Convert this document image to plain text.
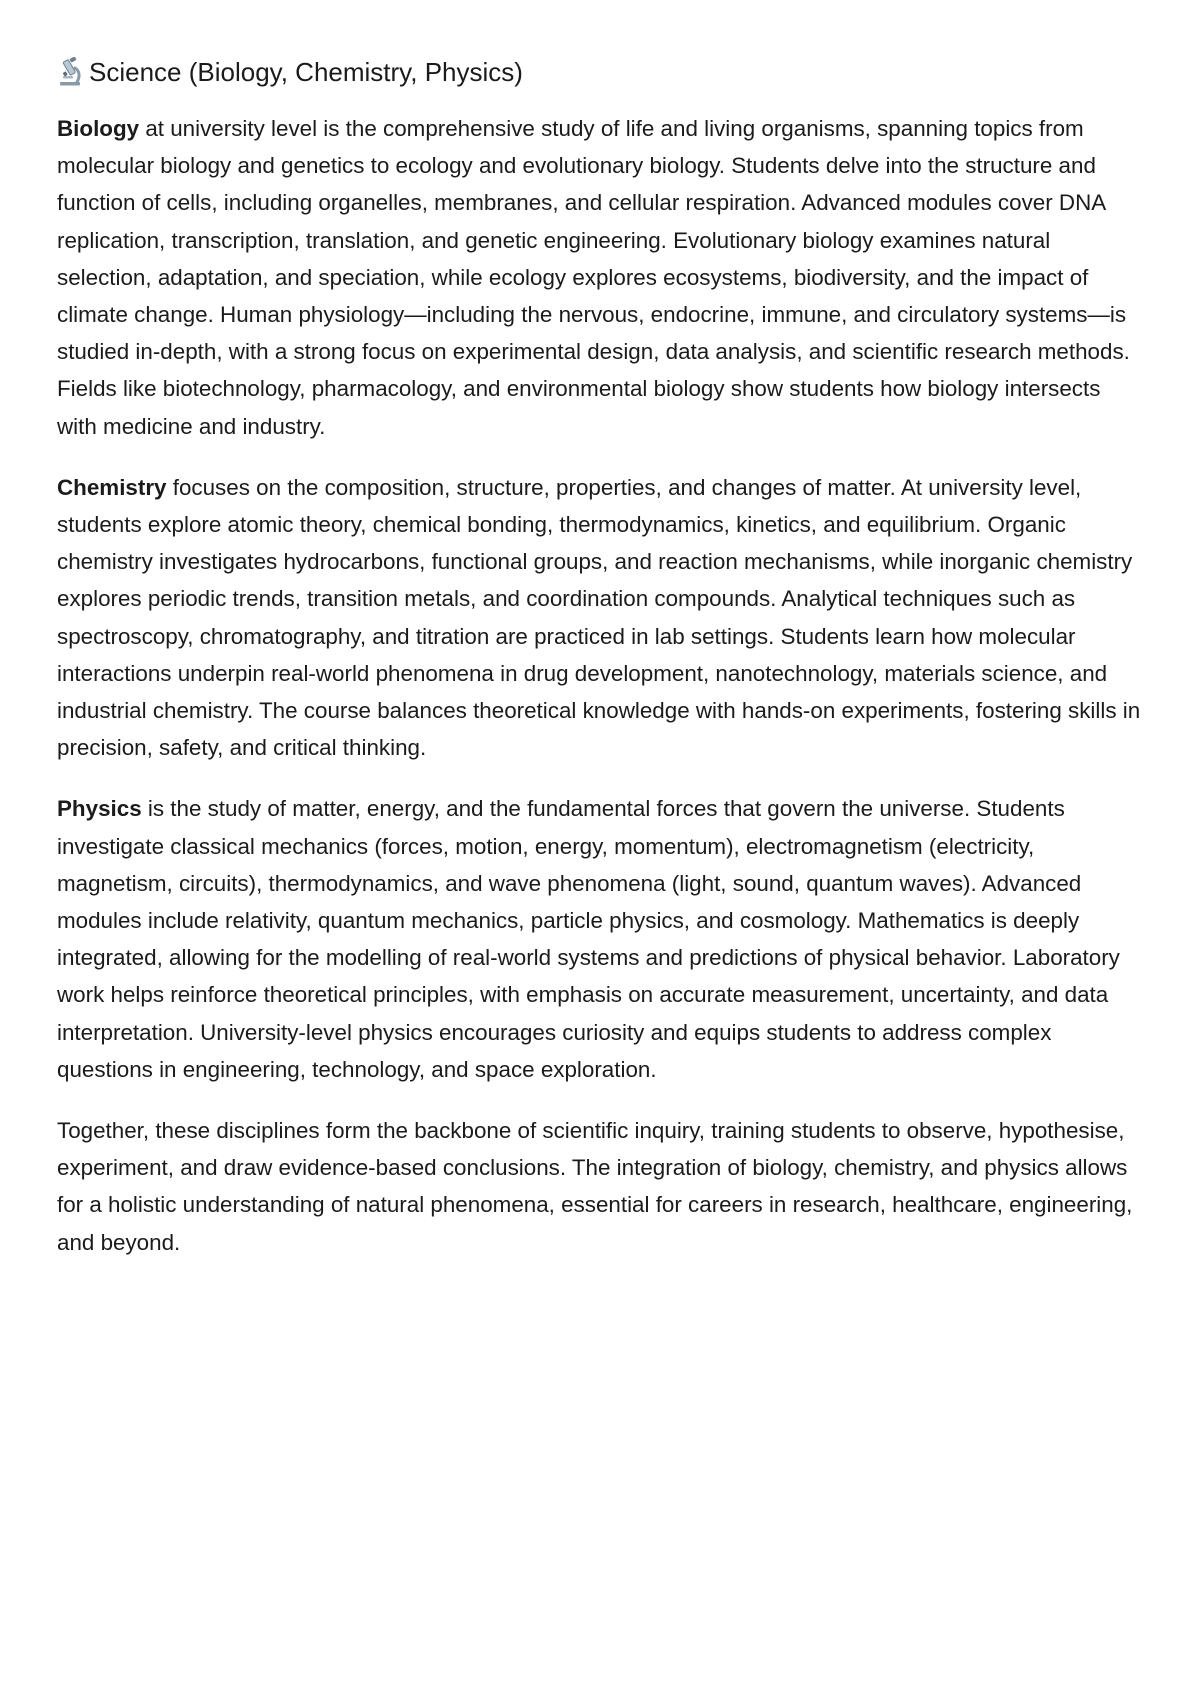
Science (Biology, Chemistry, Physics)

Biology at university level is the comprehensive study of life and living organisms, spanning topics from molecular biology and genetics to ecology and evolutionary biology. Students delve into the structure and function of cells, including organelles, membranes, and cellular respiration. Advanced modules cover DNA replication, transcription, translation, and genetic engineering. Evolutionary biology examines natural selection, adaptation, and speciation, while ecology explores ecosystems, biodiversity, and the impact of climate change. Human physiology—including the nervous, endocrine, immune, and circulatory systems—is studied in-depth, with a strong focus on experimental design, data analysis, and scientific research methods. Fields like biotechnology, pharmacology, and environmental biology show students how biology intersects with medicine and industry.

Chemistry focuses on the composition, structure, properties, and changes of matter. At university level, students explore atomic theory, chemical bonding, thermodynamics, kinetics, and equilibrium. Organic chemistry investigates hydrocarbons, functional groups, and reaction mechanisms, while inorganic chemistry explores periodic trends, transition metals, and coordination compounds. Analytical techniques such as spectroscopy, chromatography, and titration are practiced in lab settings. Students learn how molecular interactions underpin real-world phenomena in drug development, nanotechnology, materials science, and industrial chemistry. The course balances theoretical knowledge with hands-on experiments, fostering skills in precision, safety, and critical thinking.

Physics is the study of matter, energy, and the fundamental forces that govern the universe. Students investigate classical mechanics (forces, motion, energy, momentum), electromagnetism (electricity, magnetism, circuits), thermodynamics, and wave phenomena (light, sound, quantum waves). Advanced modules include relativity, quantum mechanics, particle physics, and cosmology. Mathematics is deeply integrated, allowing for the modelling of real-world systems and predictions of physical behavior. Laboratory work helps reinforce theoretical principles, with emphasis on accurate measurement, uncertainty, and data interpretation. University-level physics encourages curiosity and equips students to address complex questions in engineering, technology, and space exploration.

Together, these disciplines form the backbone of scientific inquiry, training students to observe, hypothesise, experiment, and draw evidence-based conclusions. The integration of biology, chemistry, and physics allows for a holistic understanding of natural phenomena, essential for careers in research, healthcare, engineering, and beyond.
